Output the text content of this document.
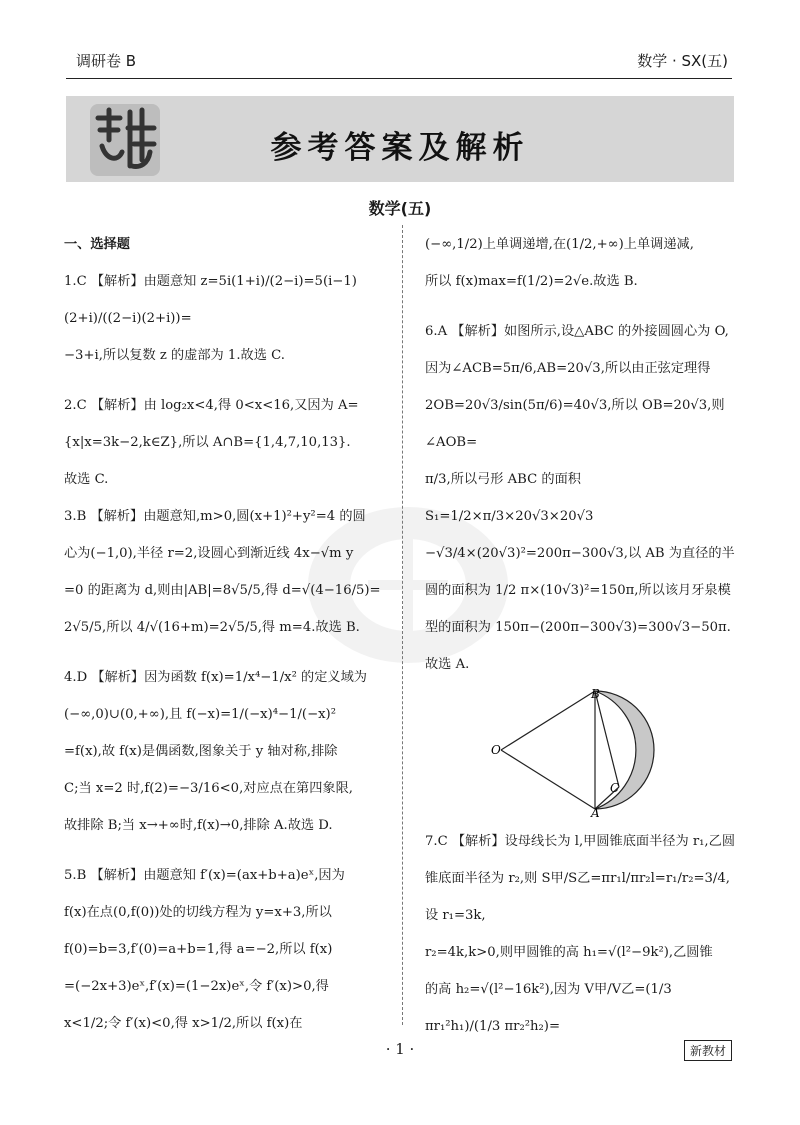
调研卷 B	数学 · SX(五)
参考答案及解析
数学(五)

一、选择题

1.C 【解析】由题意知 z=5i(1+i)/(2−i)=5(i−1)(2+i)/((2−i)(2+i))=

−3+i,所以复数 z 的虚部为 1.故选 C.

2.C 【解析】由 log₂x<4,得 0<x<16,又因为 A=

{x|x=3k−2,k∈Z},所以 A∩B={1,4,7,10,13}.

故选 C.

3.B 【解析】由题意知,m>0,圆(x+1)²+y²=4 的圆

心为(−1,0),半径 r=2,设圆心到渐近线 4x−√m y

=0 的距离为 d,则由|AB|=8√5/5,得 d=√(4−16/5)=

2√5/5,所以 4/√(16+m)=2√5/5,得 m=4.故选 B.

4.D 【解析】因为函数 f(x)=1/x⁴−1/x² 的定义域为

(−∞,0)∪(0,+∞),且 f(−x)=1/(−x)⁴−1/(−x)²

=f(x),故 f(x)是偶函数,图象关于 y 轴对称,排除

C;当 x=2 时,f(2)=−3/16<0,对应点在第四象限,

故排除 B;当 x→+∞时,f(x)→0,排除 A.故选 D.

5.B 【解析】由题意知 f′(x)=(ax+b+a)eˣ,因为

f(x)在点(0,f(0))处的切线方程为 y=x+3,所以

f(0)=b=3,f′(0)=a+b=1,得 a=−2,所以 f(x)

=(−2x+3)eˣ,f′(x)=(1−2x)eˣ,令 f′(x)>0,得

x<1/2;令 f′(x)<0,得 x>1/2,所以 f(x)在

(−∞,1/2)上单调递增,在(1/2,+∞)上单调递减,

所以 f(x)max=f(1/2)=2√e.故选 B.

6.A 【解析】如图所示,设△ABC 的外接圆圆心为 O,

因为∠ACB=5π/6,AB=20√3,所以由正弦定理得

2OB=20√3/sin(5π/6)=40√3,所以 OB=20√3,则∠AOB=

π/3,所以弓形 ABC 的面积 S₁=1/2×π/3×20√3×20√3

−√3/4×(20√3)²=200π−300√3,以 AB 为直径的半

圆的面积为 1/2 π×(10√3)²=150π,所以该月牙泉模

型的面积为 150π−(200π−300√3)=300√3−50π.

故选 A.

O
B
C
A

7.C 【解析】设母线长为 l,甲圆锥底面半径为 r₁,乙圆

锥底面半径为 r₂,则 S甲/S乙=πr₁l/πr₂l=r₁/r₂=3/4,设 r₁=3k,

r₂=4k,k>0,则甲圆锥的高 h₁=√(l²−9k²),乙圆锥

的高 h₂=√(l²−16k²),因为 V甲/V乙=(1/3 πr₁²h₁)/(1/3 πr₂²h₂)=

· 1 ·	新教材
